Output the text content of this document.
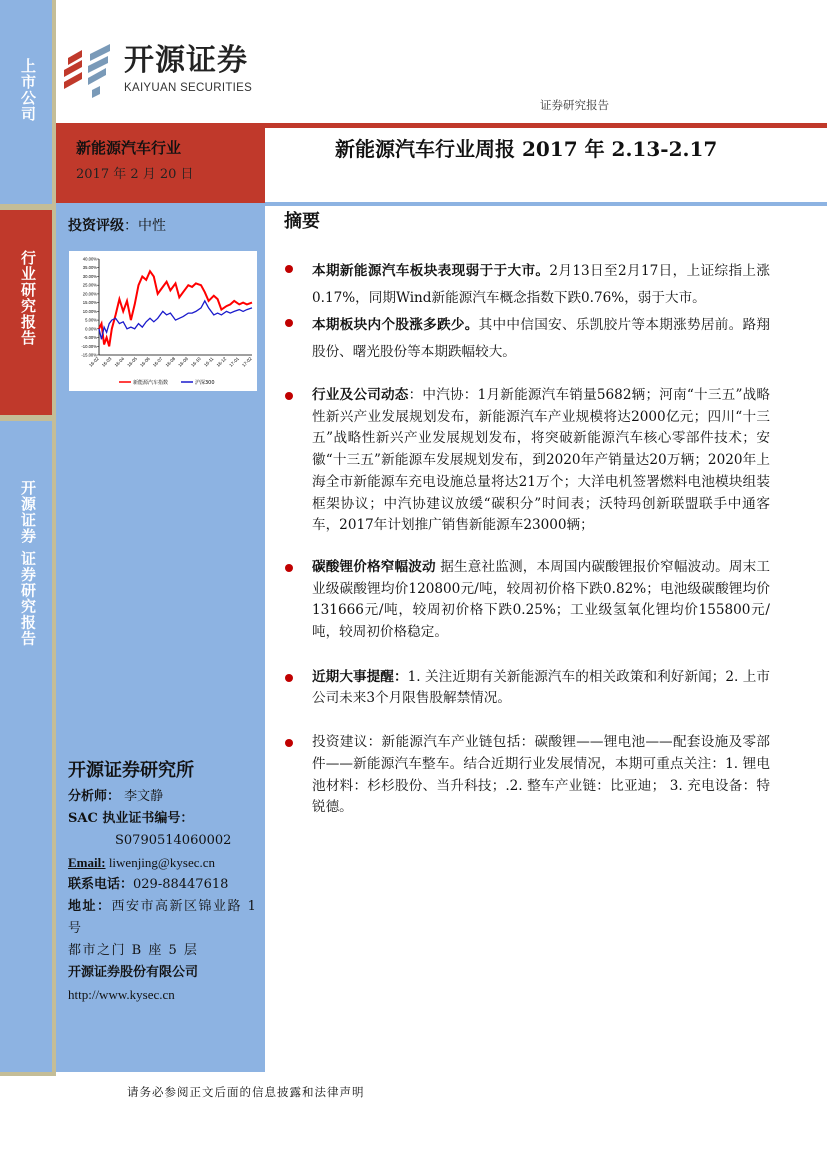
上市公司
行业研究报告
开源证券 证券研究报告
开源证券
KAIYUAN SECURITIES
证券研究报告
新能源汽车行业
2017 年 2 月 20 日
新能源汽车行业周报 2017 年 2.13-2.17
投资评级：中性
40.00%
35.00%
30.00%
25.00%
20.00%
15.00%
10.00%
5.00%
0.00%
-5.00%
-10.00%
-15.00%
16-02 16-03 16-04 16-05 16-06 16-07 16-08 16-09 16-10 16-11 16-12 17-01 17-02
新能源汽车指数	沪深300
开源证券研究所
分析师： 李文静
SAC 执业证书编号：
S0790514060002
Email: liwenjing@kysec.cn
联系电话：029-88447618
地址：西安市高新区锦业路 1 号
都市之门 B 座 5 层
开源证券股份有限公司
http://www.kysec.cn
摘要
本期新能源汽车板块表现弱于于大市。2月13日至2月17日，上证综指上涨0.17%，同期Wind新能源汽车概念指数下跌0.76%，弱于大市。
本期板块内个股涨多跌少。其中中信国安、乐凯胶片等本期涨势居前。路翔股份、曙光股份等本期跌幅较大。
行业及公司动态：中汽协：1月新能源汽车销量5682辆；河南“十三五”战略性新兴产业发展规划发布，新能源汽车产业规模将达2000亿元；四川“十三五”战略性新兴产业发展规划发布，将突破新能源汽车核心零部件技术；安徽“十三五”新能源车发展规划发布，到2020年产销量达20万辆；2020年上海全市新能源车充电设施总量将达21万个；大洋电机签署燃料电池模块组装框架协议；中汽协建议放缓“碳积分”时间表；沃特玛创新联盟联手中通客车，2017年计划推广销售新能源车23000辆；
碳酸锂价格窄幅波动 据生意社监测，本周国内碳酸锂报价窄幅波动。周末工业级碳酸锂均价120800元/吨，较周初价格下跌0.82%；电池级碳酸锂均价131666元/吨，较周初价格下跌0.25%；工业级氢氧化锂均价155800元/吨，较周初价格稳定。
近期大事提醒：1. 关注近期有关新能源汽车的相关政策和利好新闻；2. 上市公司未来3个月限售股解禁情况。
投资建议：新能源汽车产业链包括：碳酸锂——锂电池——配套设施及零部件——新能源汽车整车。结合近期行业发展情况，本期可重点关注：1. 锂电池材料：杉杉股份、当升科技；.2. 整车产业链：比亚迪； 3. 充电设备：特锐德。
请务必参阅正文后面的信息披露和法律声明
